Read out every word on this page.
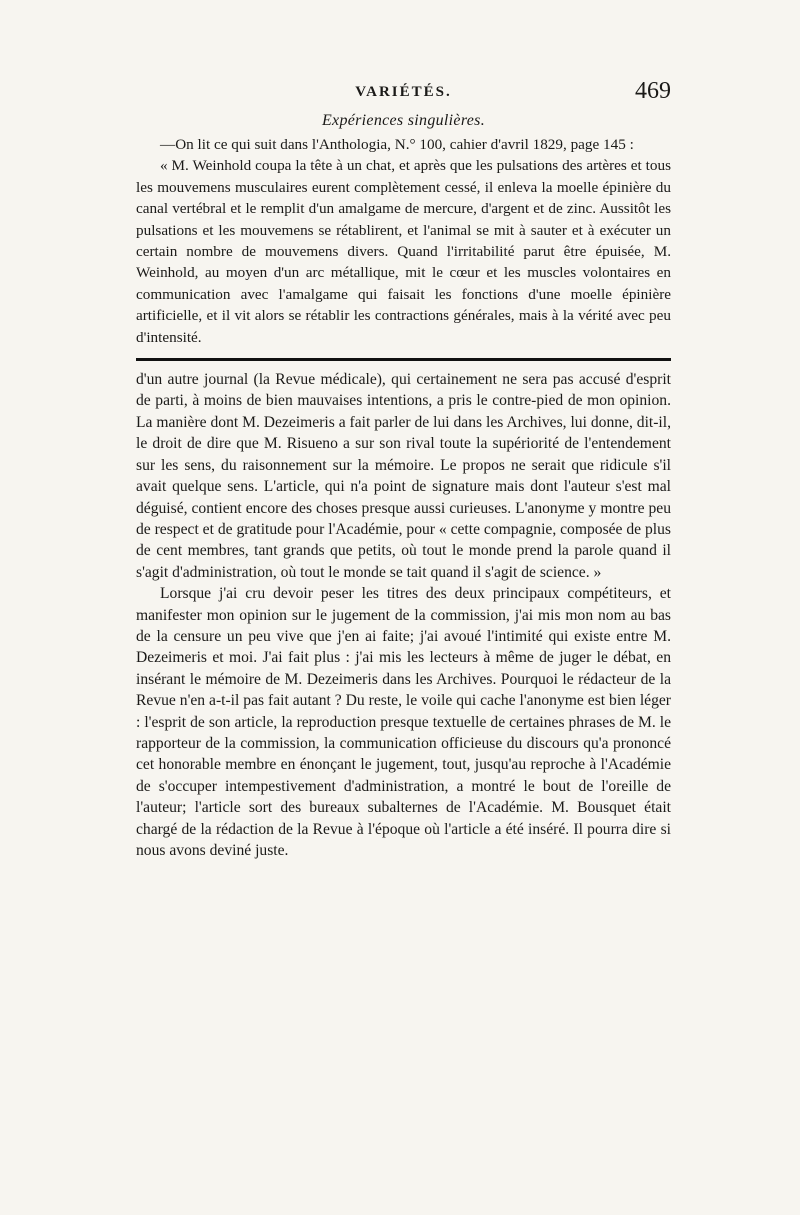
VARIÉTÉS.	469
Expériences singulières.

—On lit ce qui suit dans l'Anthologia, N.° 100, cahier d'avril 1829, page 145 :

« M. Weinhold coupa la tête à un chat, et après que les pulsations des artères et tous les mouvemens musculaires eurent complètement cessé, il enleva la moelle épinière du canal vertébral et le remplit d'un amalgame de mercure, d'argent et de zinc. Aussitôt les pulsations et les mouvemens se rétablirent, et l'animal se mit à sauter et à exécuter un certain nombre de mouvemens divers. Quand l'irritabilité parut être épuisée, M. Weinhold, au moyen d'un arc métallique, mit le cœur et les muscles volontaires en communication avec l'amalgame qui faisait les fonctions d'une moelle épinière artificielle, et il vit alors se rétablir les contractions générales, mais à la vérité avec peu d'intensité.

d'un autre journal (la Revue médicale), qui certainement ne sera pas accusé d'esprit de parti, à moins de bien mauvaises intentions, a pris le contre-pied de mon opinion. La manière dont M. Dezeimeris a fait parler de lui dans les Archives, lui donne, dit-il, le droit de dire que M. Risueno a sur son rival toute la supériorité de l'entendement sur les sens, du raisonnement sur la mémoire. Le propos ne serait que ridicule s'il avait quelque sens. L'article, qui n'a point de signature mais dont l'auteur s'est mal déguisé, contient encore des choses presque aussi curieuses. L'anonyme y montre peu de respect et de gratitude pour l'Académie, pour « cette compagnie, composée de plus de cent membres, tant grands que petits, où tout le monde prend la parole quand il s'agit d'administration, où tout le monde se tait quand il s'agit de science. »

Lorsque j'ai cru devoir peser les titres des deux principaux compétiteurs, et manifester mon opinion sur le jugement de la commission, j'ai mis mon nom au bas de la censure un peu vive que j'en ai faite; j'ai avoué l'intimité qui existe entre M. Dezeimeris et moi. J'ai fait plus : j'ai mis les lecteurs à même de juger le débat, en insérant le mémoire de M. Dezeimeris dans les Archives. Pourquoi le rédacteur de la Revue n'en a-t-il pas fait autant ? Du reste, le voile qui cache l'anonyme est bien léger : l'esprit de son article, la reproduction presque textuelle de certaines phrases de M. le rapporteur de la commission, la communication officieuse du discours qu'a prononcé cet honorable membre en énonçant le jugement, tout, jusqu'au reproche à l'Académie de s'occuper intempestivement d'administration, a montré le bout de l'oreille de l'auteur; l'article sort des bureaux subalternes de l'Académie. M. Bousquet était chargé de la rédaction de la Revue à l'époque où l'article a été inséré. Il pourra dire si nous avons deviné juste.
